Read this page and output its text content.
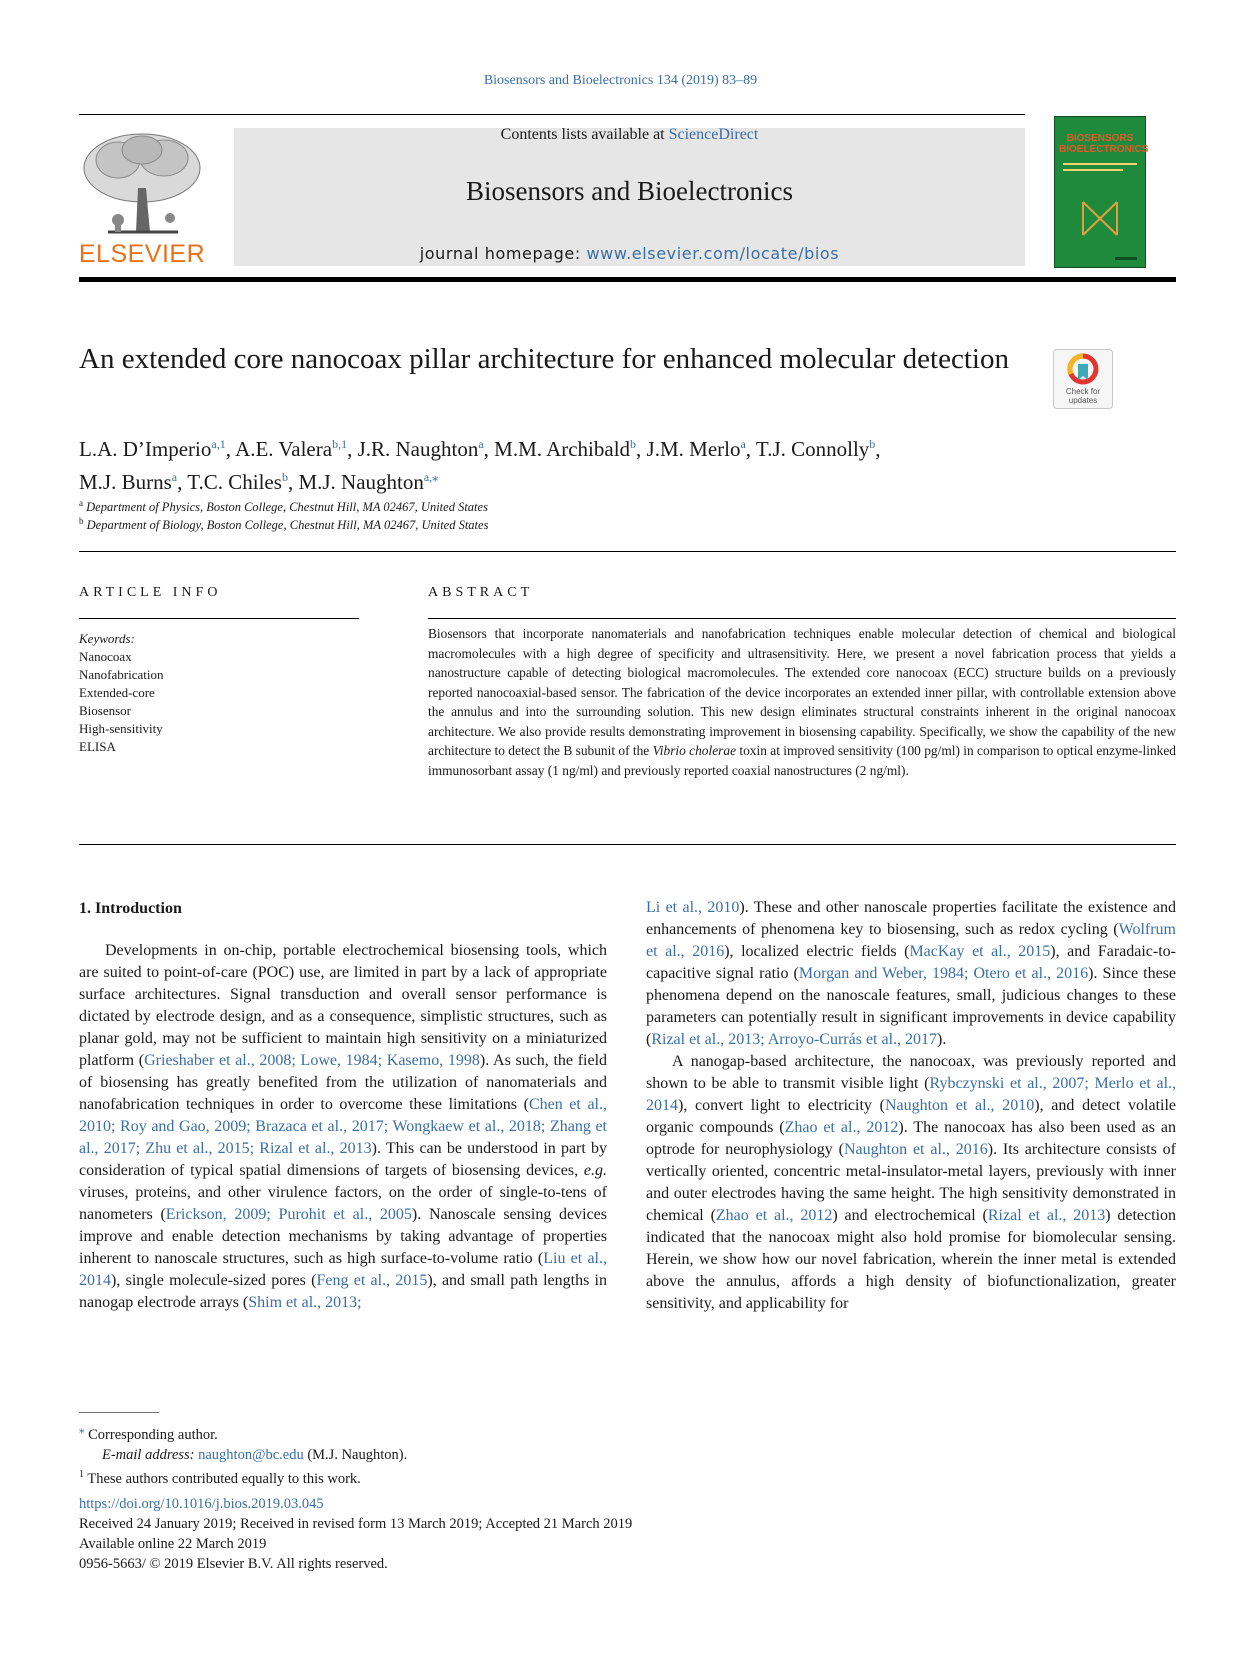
Biosensors and Bioelectronics 134 (2019) 83–89
ELSEVIER
Contents lists available at ScienceDirect
Biosensors and Bioelectronics
journal homepage: www.elsevier.com/locate/bios
BIOSENSORS BIOELECTRONICS
An extended core nanocoax pillar architecture for enhanced molecular detection
Check for updates
L.A. D’Imperio$^{a,1}$, A.E. Valera$^{b,1}$, J.R. Naughton$^a$, M.M. Archibald$^b$, J.M. Merlo$^a$, T.J. Connolly$^b$,
M.J. Burns$^a$, T.C. Chiles$^b$, M.J. Naughton$^{a,⁎}$
$^a$ Department of Physics, Boston College, Chestnut Hill, MA 02467, United States
$^b$ Department of Biology, Boston College, Chestnut Hill, MA 02467, United States
ARTICLE INFO	ABSTRACT
Keywords:
Nanocoax
Nanofabrication
Extended-core
Biosensor
High-sensitivity
ELISA
Biosensors that incorporate nanomaterials and nanofabrication techniques enable molecular detection of chemical and biological macromolecules with a high degree of specificity and ultrasensitivity. Here, we present a novel fabrication process that yields a nanostructure capable of detecting biological macromolecules. The extended core nanocoax (ECC) structure builds on a previously reported nanocoaxial-based sensor. The fabrication of the device incorporates an extended inner pillar, with controllable extension above the annulus and into the surrounding solution. This new design eliminates structural constraints inherent in the original nanocoax architecture. We also provide results demonstrating improvement in biosensing capability. Specifically, we show the capability of the new architecture to detect the B subunit of the Vibrio cholerae toxin at improved sensitivity (100 pg/ml) in comparison to optical enzyme-linked immunosorbant assay (1 ng/ml) and previously reported coaxial nanostructures (2 ng/ml).
1. Introduction

Developments in on-chip, portable electrochemical biosensing tools, which are suited to point-of-care (POC) use, are limited in part by a lack of appropriate surface architectures. Signal transduction and overall sensor performance is dictated by electrode design, and as a consequence, simplistic structures, such as planar gold, may not be sufficient to maintain high sensitivity on a miniaturized platform (Grieshaber et al., 2008; Lowe, 1984; Kasemo, 1998). As such, the field of biosensing has greatly benefited from the utilization of nanomaterials and nanofabrication techniques in order to overcome these limitations (Chen et al., 2010; Roy and Gao, 2009; Brazaca et al., 2017; Wongkaew et al., 2018; Zhang et al., 2017; Zhu et al., 2015; Rizal et al., 2013). This can be understood in part by consideration of typical spatial dimensions of targets of biosensing devices, e.g. viruses, proteins, and other virulence factors, on the order of single-to-tens of nanometers (Erickson, 2009; Purohit et al., 2005). Nanoscale sensing devices improve and enable detection mechanisms by taking advantage of properties inherent to nanoscale structures, such as high surface-to-volume ratio (Liu et al., 2014), single molecule-sized pores (Feng et al., 2015), and small path lengths in nanogap electrode arrays (Shim et al., 2013;

Li et al., 2010). These and other nanoscale properties facilitate the existence and enhancements of phenomena key to biosensing, such as redox cycling (Wolfrum et al., 2016), localized electric fields (MacKay et al., 2015), and Faradaic-to-capacitive signal ratio (Morgan and Weber, 1984; Otero et al., 2016). Since these phenomena depend on the nanoscale features, small, judicious changes to these parameters can potentially result in significant improvements in device capability (Rizal et al., 2013; Arroyo-Currás et al., 2017).

A nanogap-based architecture, the nanocoax, was previously reported and shown to be able to transmit visible light (Rybczynski et al., 2007; Merlo et al., 2014), convert light to electricity (Naughton et al., 2010), and detect volatile organic compounds (Zhao et al., 2012). The nanocoax has also been used as an optrode for neurophysiology (Naughton et al., 2016). Its architecture consists of vertically oriented, concentric metal-insulator-metal layers, previously with inner and outer electrodes having the same height. The high sensitivity demonstrated in chemical (Zhao et al., 2012) and electrochemical (Rizal et al., 2013) detection indicated that the nanocoax might also hold promise for biomolecular sensing. Herein, we show how our novel fabrication, wherein the inner metal is extended above the annulus, affords a high density of biofunctionalization, greater sensitivity, and applicability for

⁎ Corresponding author.
E-mail address: naughton@bc.edu (M.J. Naughton).
$^1$ These authors contributed equally to this work.
https://doi.org/10.1016/j.bios.2019.03.045
Received 24 January 2019; Received in revised form 13 March 2019; Accepted 21 March 2019
Available online 22 March 2019
0956-5663/ © 2019 Elsevier B.V. All rights reserved.
